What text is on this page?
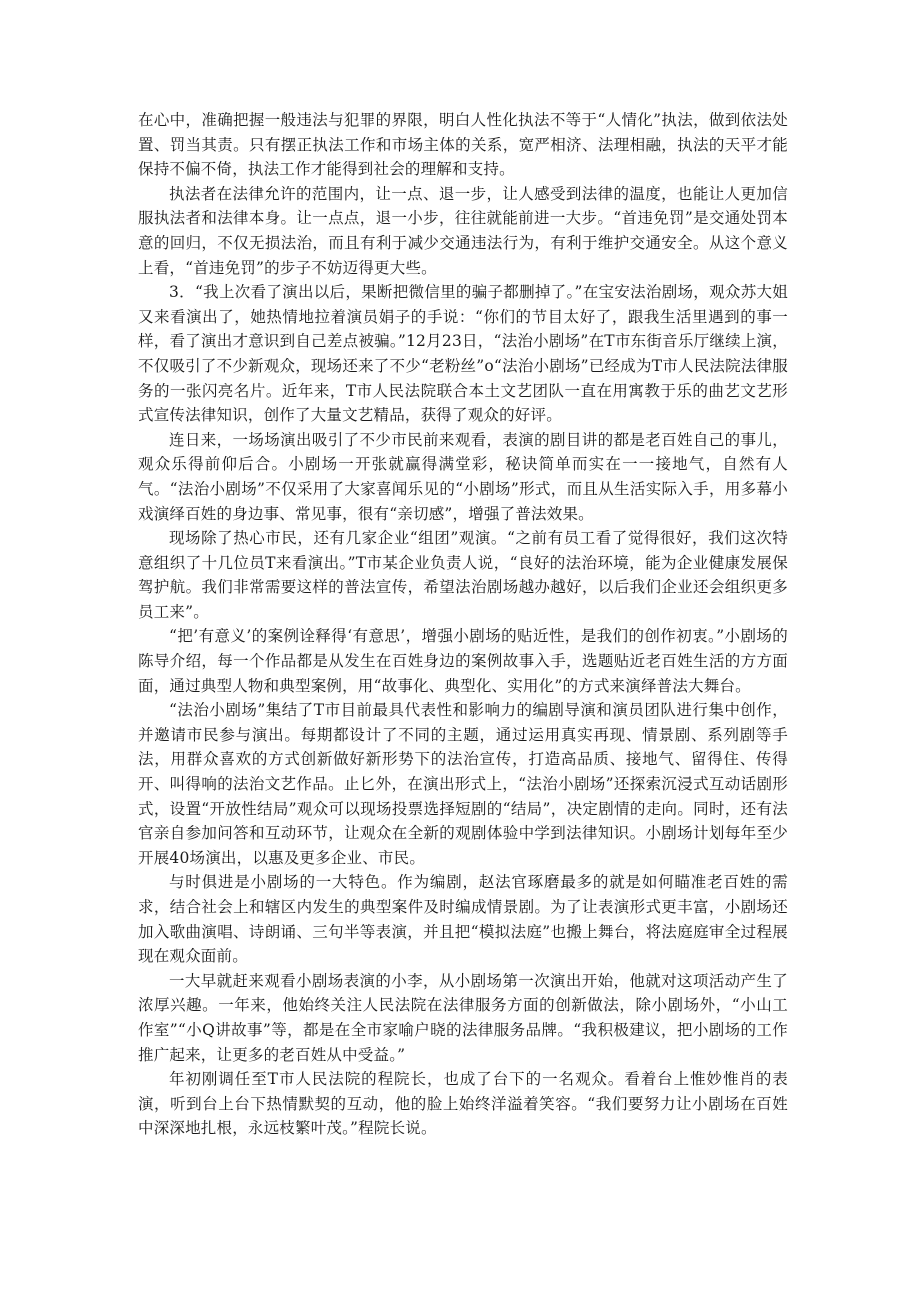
在心中，准确把握一般违法与犯罪的界限，明白人性化执法不等于“人情化”执法，做到依法处置、罚当其责。只有摆正执法工作和市场主体的关系，宽严相济、法理相融，执法的天平才能保持不偏不倚，执法工作才能得到社会的理解和支持。

执法者在法律允许的范围内，让一点、退一步，让人感受到法律的温度，也能让人更加信服执法者和法律本身。让一点点，退一小步，往往就能前进一大步。“首违免罚”是交通处罚本意的回归，不仅无损法治，而且有利于减少交通违法行为，有利于维护交通安全。从这个意义上看，“首违免罚”的步子不妨迈得更大些。

3．“我上次看了演出以后，果断把微信里的骗子都删掉了。”在宝安法治剧场，观众苏大姐又来看演出了，她热情地拉着演员娟子的手说：“你们的节目太好了，跟我生活里遇到的事一样，看了演出才意识到自己差点被骗。”12月23日，“法治小剧场”在T市东街音乐厅继续上演，不仅吸引了不少新观众，现场还来了不少“老粉丝”o“法治小剧场”已经成为T市人民法院法律服务的一张闪亮名片。近年来，T市人民法院联合本土文艺团队一直在用寓教于乐的曲艺文艺形式宣传法律知识，创作了大量文艺精品，获得了观众的好评。

连日来，一场场演出吸引了不少市民前来观看，表演的剧目讲的都是老百姓自己的事儿，观众乐得前仰后合。小剧场一开张就赢得满堂彩，秘诀简单而实在一一接地气，自然有人气。“法治小剧场”不仅采用了大家喜闻乐见的“小剧场”形式，而且从生活实际入手，用多幕小戏演绎百姓的身边事、常见事，很有“亲切感”，增强了普法效果。

现场除了热心市民，还有几家企业“组团”观演。“之前有员工看了觉得很好，我们这次特意组织了十几位员T来看演出。”T市某企业负责人说，“良好的法治环境，能为企业健康发展保驾护航。我们非常需要这样的普法宣传，希望法治剧场越办越好，以后我们企业还会组织更多员工来”。

“把’有意义’的案例诠释得‘有意思’，增强小剧场的贴近性，是我们的创作初衷。”小剧场的陈导介绍，每一个作品都是从发生在百姓身边的案例故事入手，选题贴近老百姓生活的方方面面，通过典型人物和典型案例，用“故事化、典型化、实用化”的方式来演绎普法大舞台。

“法治小剧场”集结了T市目前最具代表性和影响力的编剧导演和演员团队进行集中创作，并邀请市民参与演出。每期都设计了不同的主题，通过运用真实再现、情景剧、系列剧等手法，用群众喜欢的方式创新做好新形势下的法治宣传，打造高品质、接地气、留得住、传得开、叫得响的法治文艺作品。止匕外，在演出形式上，“法治小剧场”还探索沉浸式互动话剧形式，设置“开放性结局”观众可以现场投票选择短剧的“结局”，决定剧情的走向。同时，还有法官亲自参加问答和互动环节，让观众在全新的观剧体验中学到法律知识。小剧场计划每年至少开展40场演出，以惠及更多企业、市民。

与时俱进是小剧场的一大特色。作为编剧，赵法官琢磨最多的就是如何瞄准老百姓的需求，结合社会上和辖区内发生的典型案件及时编成情景剧。为了让表演形式更丰富，小剧场还加入歌曲演唱、诗朗诵、三句半等表演，并且把“模拟法庭”也搬上舞台，将法庭庭审全过程展现在观众面前。

一大早就赶来观看小剧场表演的小李，从小剧场第一次演出开始，他就对这项活动产生了浓厚兴趣。一年来，他始终关注人民法院在法律服务方面的创新做法，除小剧场外，“小山工作室”“小Q讲故事”等，都是在全市家喻户晓的法律服务品牌。“我积极建议，把小剧场的工作推广起来，让更多的老百姓从中受益。”

年初刚调任至T市人民法院的程院长，也成了台下的一名观众。看着台上惟妙惟肖的表演，听到台上台下热情默契的互动，他的脸上始终洋溢着笑容。“我们要努力让小剧场在百姓中深深地扎根，永远枝繁叶茂。”程院长说。
